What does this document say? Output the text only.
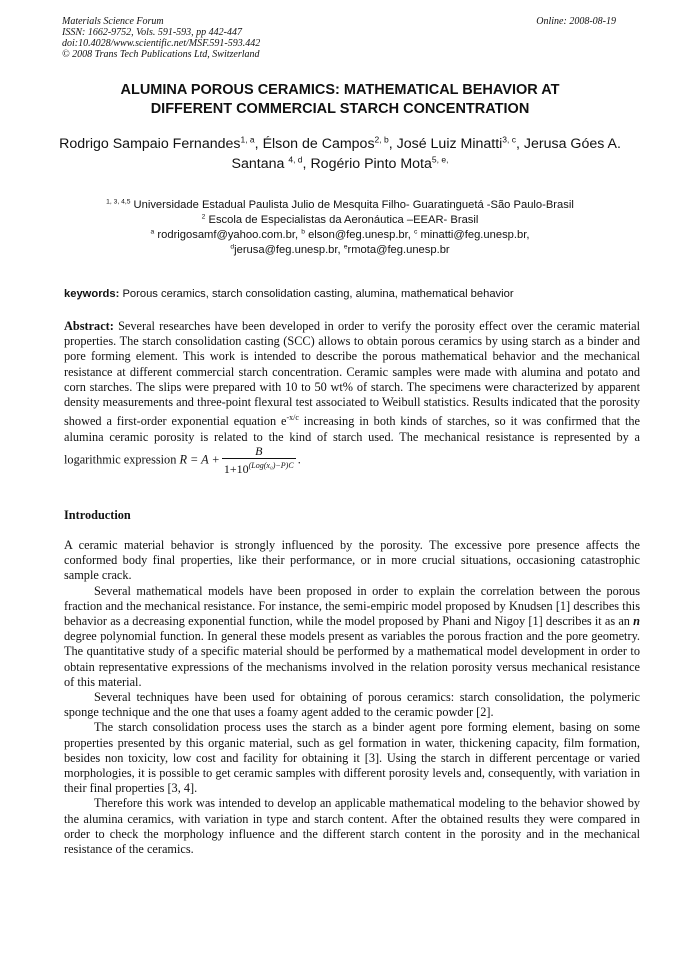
Materials Science Forum
ISSN: 1662-9752, Vols. 591-593, pp 442-447
doi:10.4028/www.scientific.net/MSF.591-593.442
© 2008 Trans Tech Publications Ltd, Switzerland
Online: 2008-08-19
ALUMINA POROUS CERAMICS: MATHEMATICAL BEHAVIOR AT
DIFFERENT COMMERCIAL STARCH CONCENTRATION
Rodrigo Sampaio Fernandes$^{1, a}$, Élson de Campos$^{2, b}$, José Luiz Minatti$^{3, c}$, Jerusa Góes A. Santana $^{4, d}$, Rogério Pinto Mota$^{5, e,}$
$^{1, 3, 4,5}$ Universidade Estadual Paulista Julio de Mesquita Filho- Guaratinguetá -São Paulo-Brasil
$^2$ Escola de Especialistas da Aeronáutica –EEAR- Brasil
$^a$ rodrigosamf@yahoo.com.br, $^b$ elson@feg.unesp.br, $^c$ minatti@feg.unesp.br,
$^d$jerusa@feg.unesp.br, $^e$rmota@feg.unesp.br
keywords: Porous ceramics, starch consolidation casting, alumina, mathematical behavior
Abstract: Several researches have been developed in order to verify the porosity effect over the ceramic material properties. The starch consolidation casting (SCC) allows to obtain porous ceramics by using starch as a binder and pore forming element. This work is intended to describe the porous mathematical behavior and the mechanical resistance at different commercial starch concentration. Ceramic samples were made with alumina and potato and corn starches. The slips were prepared with 10 to 50 wt% of starch. The specimens were characterized by apparent density measurements and three-point flexural test associated to Weibull statistics. Results indicated that the porosity showed a first-order exponential equation $e^{-x/c}$ increasing in both kinds of starches, so it was confirmed that the alumina ceramic porosity is related to the kind of starch used. The mechanical resistance is represented by a logarithmic expression $R = A + \frac{B}{1+10^{(Log(x_0)-P)C}}$ .
Introduction

A ceramic material behavior is strongly influenced by the porosity. The excessive pore presence affects the conformed body final properties, like their performance, or in more crucial situations, occasioning catastrophic sample crack.

Several mathematical models have been proposed in order to explain the correlation between the porous fraction and the mechanical resistance. For instance, the semi-empiric model proposed by Knudsen [1] describes this behavior as a decreasing exponential function, while the model proposed by Phani and Nigoy [1] describes it as an n degree polynomial function. In general these models present as variables the porous fraction and the pore geometry. The quantitative study of a specific material should be performed by a mathematical model development in order to obtain representative expressions of the mechanisms involved in the relation porosity versus mechanical resistance of this material.

Several techniques have been used for obtaining of porous ceramics: starch consolidation, the polymeric sponge technique and the one that uses a foamy agent added to the ceramic powder [2].

The starch consolidation process uses the starch as a binder agent pore forming element, basing on some properties presented by this organic material, such as gel formation in water, thickening capacity, film formation, besides non toxicity, low cost and facility for obtaining it [3]. Using the starch in different percentage or varied morphologies, it is possible to get ceramic samples with different porosity levels and, consequently, with variation in their final properties [3, 4].

Therefore this work was intended to develop an applicable mathematical modeling to the behavior showed by the alumina ceramics, with variation in type and starch content. After the obtained results they were compared in order to check the morphology influence and the different starch content in the porosity and in the mechanical resistance of the ceramics.
